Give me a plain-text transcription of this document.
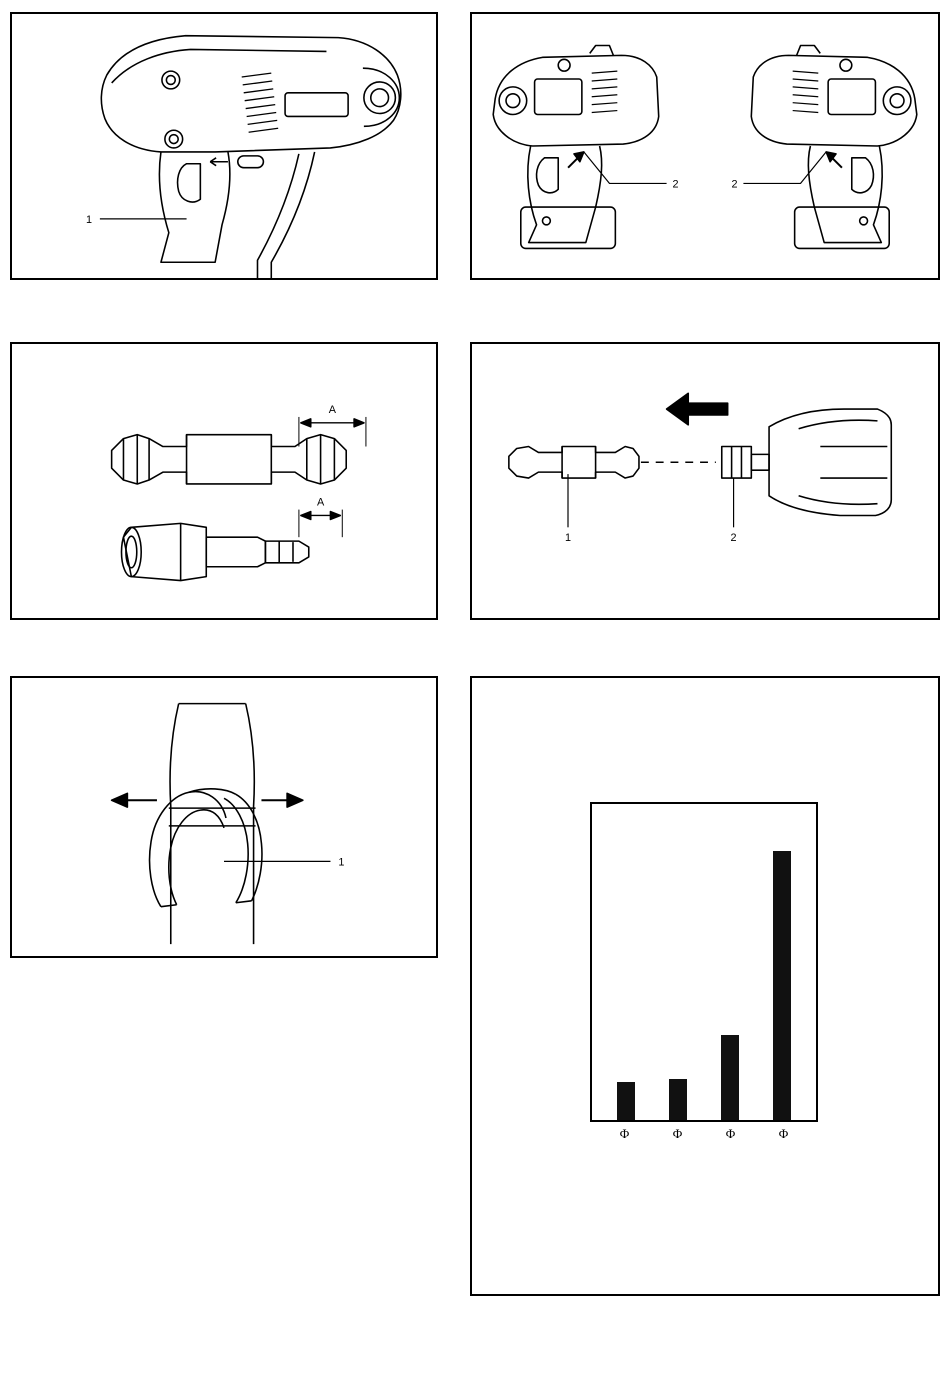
1
2	2
A
A
1	2
1
Φ	Φ	Φ	Φ
